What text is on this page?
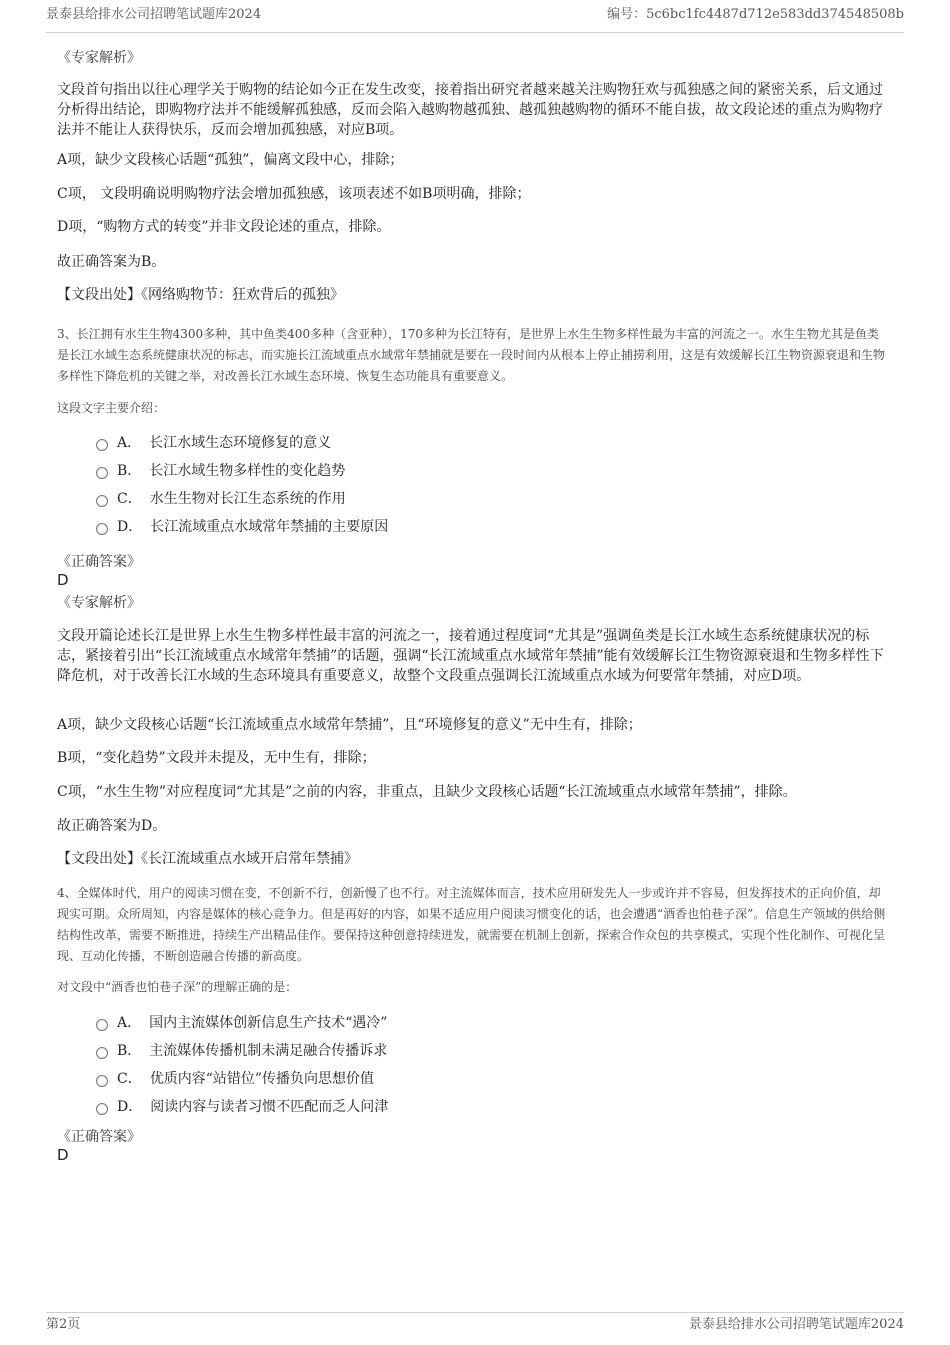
景泰县给排水公司招聘笔试题库2024	编号：5c6bc1fc4487d712e583dd374548508b
《专家解析》
文段首句指出以往心理学关于购物的结论如今正在发生改变，接着指出研究者越来越关注购物狂欢与孤独感之间的紧密关系，后文通过分析得出结论，即购物疗法并不能缓解孤独感，反而会陷入越购物越孤独、越孤独越购物的循环不能自拔，故文段论述的重点为购物疗法并不能让人获得快乐，反而会增加孤独感，对应B项。
A项，缺少文段核心话题“孤独”，偏离文段中心，排除；
C项， 文段明确说明购物疗法会增加孤独感，该项表述不如B项明确，排除；
D项，“购物方式的转变”并非文段论述的重点，排除。
故正确答案为B。
【文段出处】《网络购物节：狂欢背后的孤独》
3、长江拥有水生生物4300多种，其中鱼类400多种（含亚种），170多种为长江特有，是世界上水生生物多样性最为丰富的河流之一。水生生物尤其是鱼类是长江水域生态系统健康状况的标志，而实施长江流域重点水域常年禁捕就是要在一段时间内从根本上停止捕捞利用，这是有效缓解长江生物资源衰退和生物多样性下降危机的关键之举，对改善长江水域生态环境、恢复生态功能具有重要意义。
这段文字主要介绍：
A． 长江水域生态环境修复的意义
B． 长江水域生物多样性的变化趋势
C． 水生生物对长江生态系统的作用
D． 长江流域重点水域常年禁捕的主要原因
《正确答案》
D
《专家解析》
文段开篇论述长江是世界上水生生物多样性最丰富的河流之一，接着通过程度词“尤其是”强调鱼类是长江水域生态系统健康状况的标志，紧接着引出“长江流域重点水域常年禁捕”的话题，强调“长江流域重点水域常年禁捕”能有效缓解长江生物资源衰退和生物多样性下降危机，对于改善长江水域的生态环境具有重要意义，故整个文段重点强调长江流域重点水域为何要常年禁捕，对应D项。
A项，缺少文段核心话题“长江流域重点水域常年禁捕”，且“环境修复的意义”无中生有，排除；
B项，“变化趋势”文段并未提及，无中生有，排除；
C项，“水生生物”对应程度词“尤其是”之前的内容，非重点，且缺少文段核心话题“长江流域重点水域常年禁捕”，排除。
故正确答案为D。
【文段出处】《长江流域重点水域开启常年禁捕》
4、全媒体时代，用户的阅读习惯在变，不创新不行，创新慢了也不行。对主流媒体而言，技术应用研发先人一步或许并不容易，但发挥技术的正向价值，却现实可期。众所周知，内容是媒体的核心竞争力。但是再好的内容，如果不适应用户阅读习惯变化的话，也会遭遇“酒香也怕巷子深”。信息生产领域的供给侧结构性改革，需要不断推进，持续生产出精品佳作。要保持这种创意持续迸发，就需要在机制上创新，探索合作众包的共享模式，实现个性化制作、可视化呈现、互动化传播，不断创造融合传播的新高度。
对文段中“酒香也怕巷子深”的理解正确的是：
A． 国内主流媒体创新信息生产技术“遇冷”
B． 主流媒体传播机制未满足融合传播诉求
C． 优质内容“站错位”传播负向思想价值
D． 阅读内容与读者习惯不匹配而乏人问津
《正确答案》
D
第2页	景泰县给排水公司招聘笔试题库2024
